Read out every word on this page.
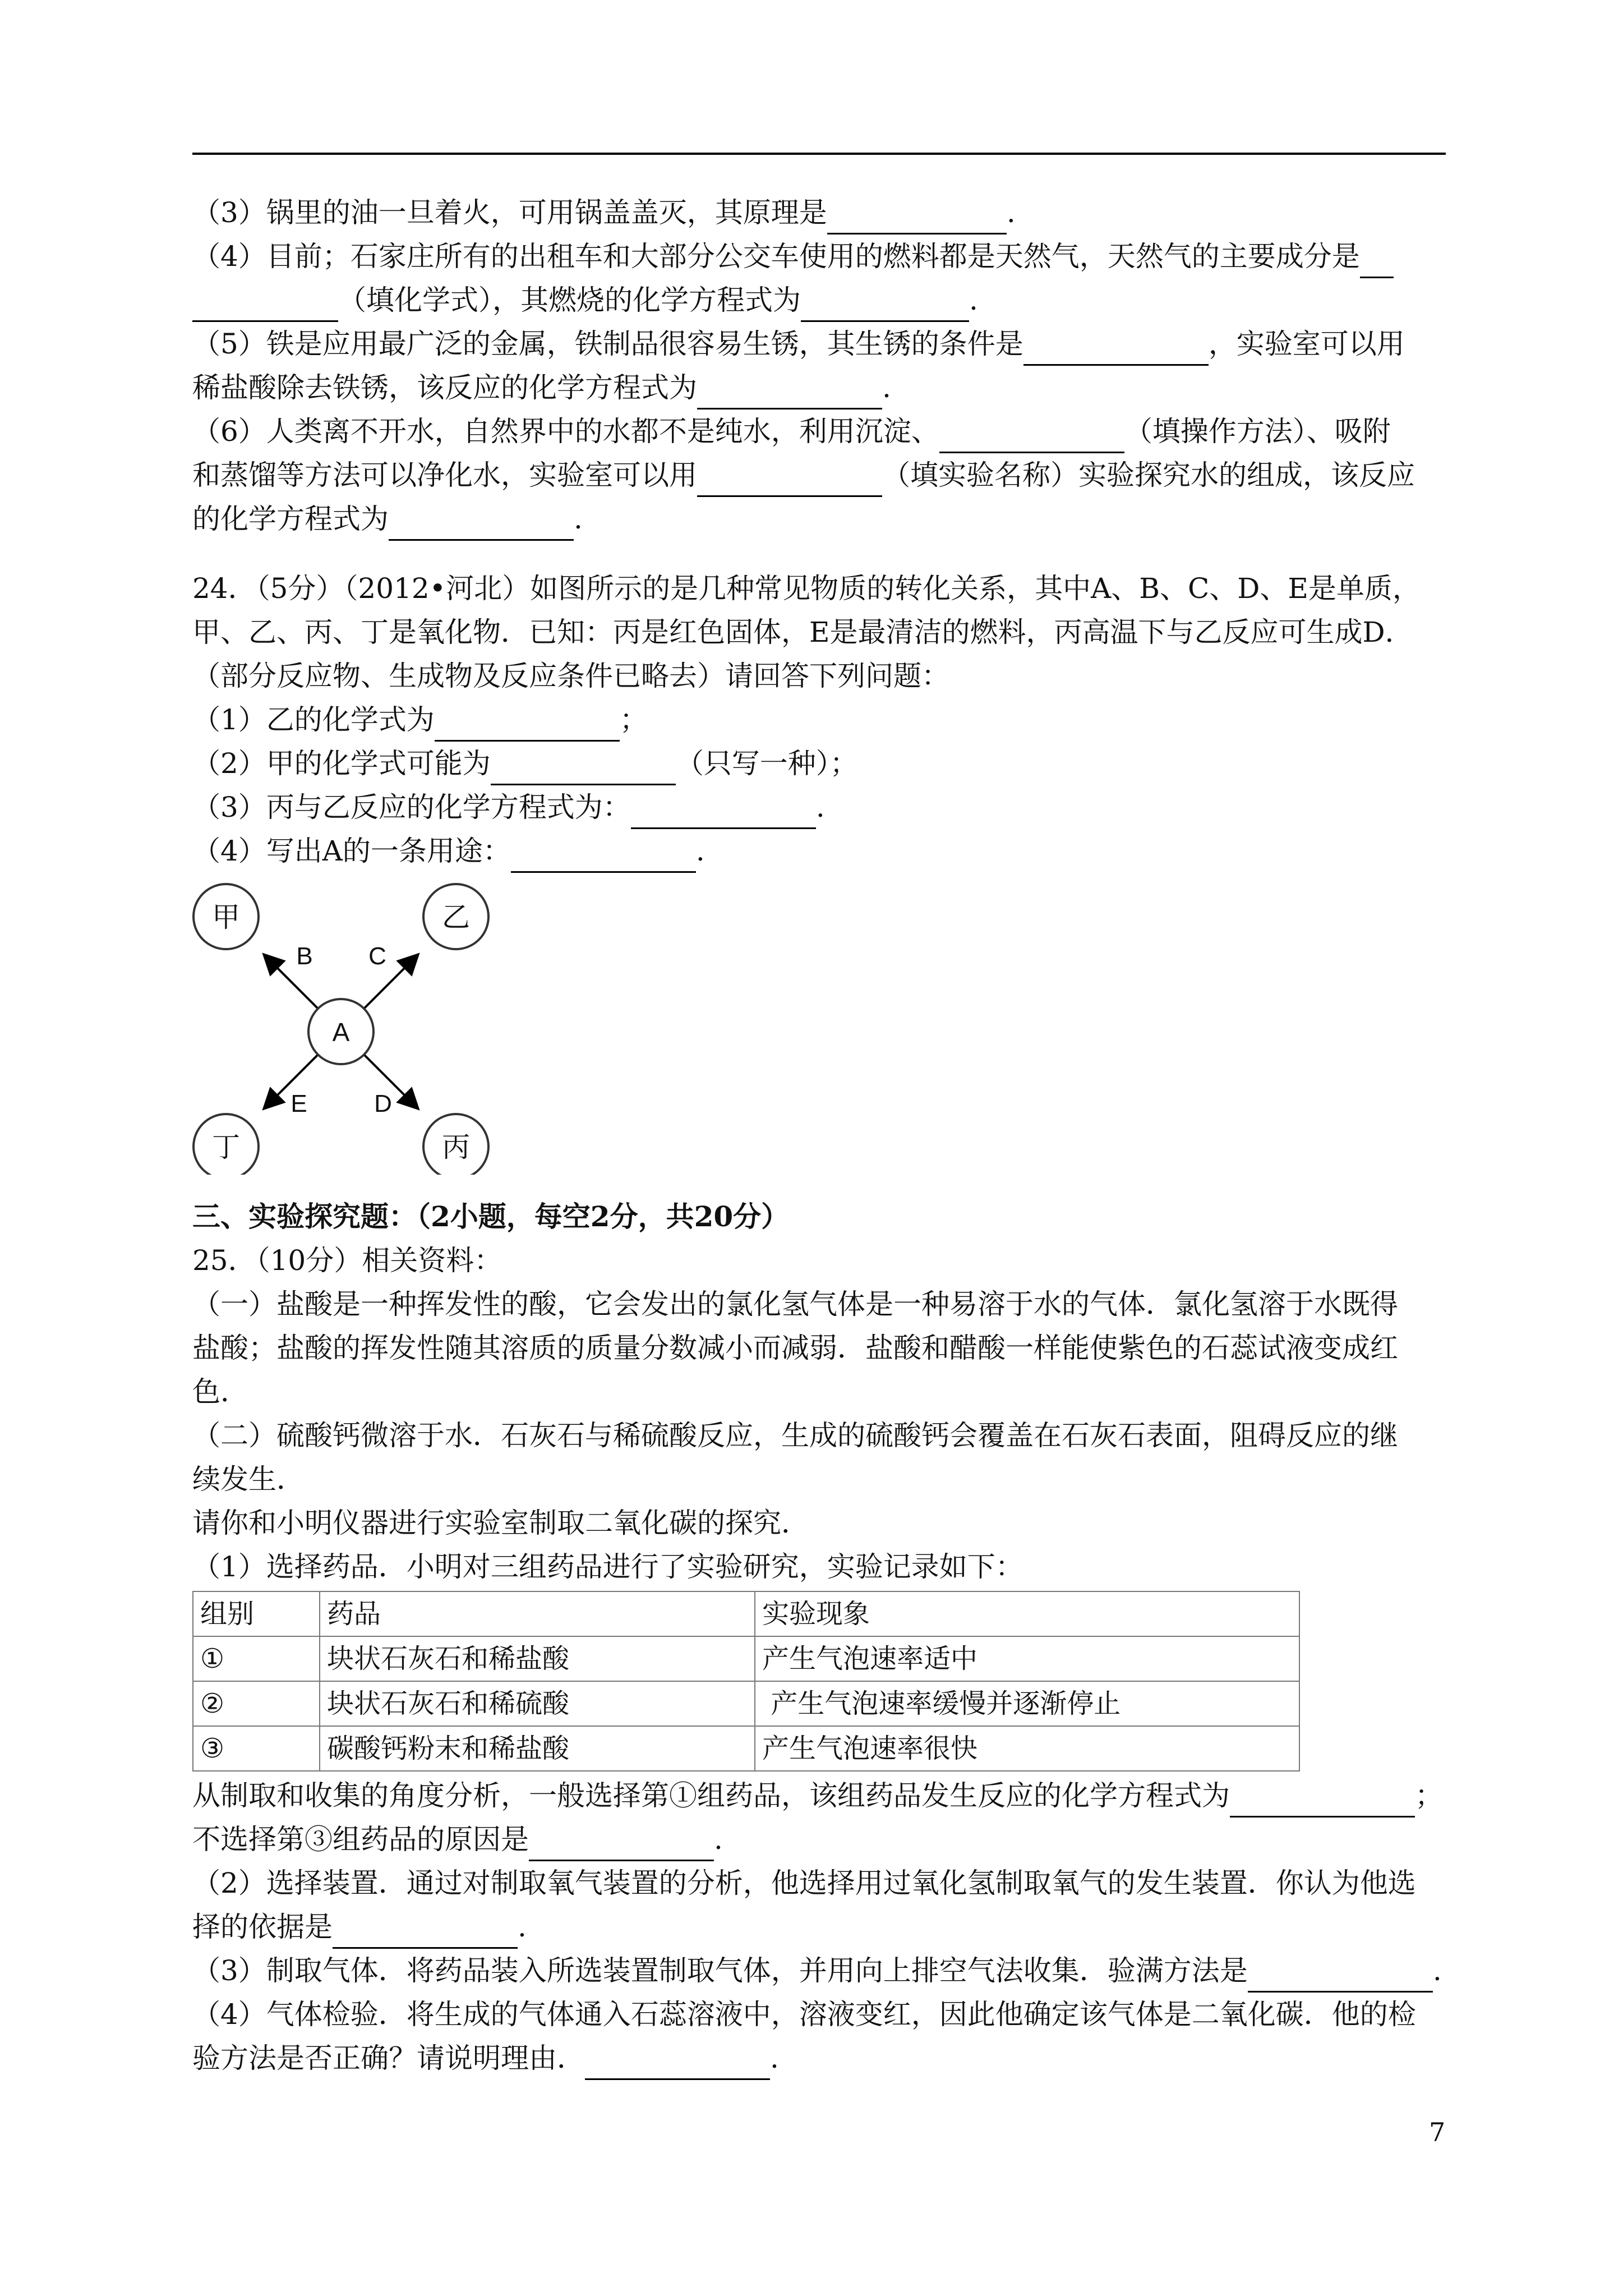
（3）锅里的油一旦着火，可用锅盖盖灭，其原理是	.
（4）目前；石家庄所有的出租车和大部分公交车使用的燃料都是天然气，天然气的主要成分是
（填化学式），其燃烧的化学方程式为	.
（5）铁是应用最广泛的金属，铁制品很容易生锈，其生锈的条件是	，实验室可以用
稀盐酸除去铁锈，该反应的化学方程式为	.
（6）人类离不开水，自然界中的水都不是纯水，利用沉淀、	（填操作方法）、吸附
和蒸馏等方法可以净化水，实验室可以用	（填实验名称）实验探究水的组成，该反应
的化学方程式为	.
24．（5分）（2012•河北）如图所示的是几种常见物质的转化关系，其中A、B、C、D、E是单质，
甲、乙、丙、丁是氧化物．已知：丙是红色固体，E是最清洁的燃料，丙高温下与乙反应可生成D．
（部分反应物、生成物及反应条件已略去）请回答下列问题：
（1）乙的化学式为	；
（2）甲的化学式可能为	（只写一种）；
（3）丙与乙反应的化学方程式为：	.
（4）写出A的一条用途：	.
B C
E	D
甲	乙
A
丁	丙
三、实验探究题：（2小题，每空2分，共20分）
25．（10分）相关资料：
（一）盐酸是一种挥发性的酸，它会发出的氯化氢气体是一种易溶于水的气体．氯化氢溶于水既得
盐酸；盐酸的挥发性随其溶质的质量分数减小而减弱．盐酸和醋酸一样能使紫色的石蕊试液变成红
色．
（二）硫酸钙微溶于水．石灰石与稀硫酸反应，生成的硫酸钙会覆盖在石灰石表面，阻碍反应的继
续发生．
请你和小明仪器进行实验室制取二氧化碳的探究．
（1）选择药品．小明对三组药品进行了实验研究，实验记录如下：
组别	药品	实验现象
①	块状石灰石和稀盐酸	产生气泡速率适中
②	块状石灰石和稀硫酸	产生气泡速率缓慢并逐渐停止
③	碳酸钙粉末和稀盐酸	产生气泡速率很快
从制取和收集的角度分析，一般选择第①组药品，该组药品发生反应的化学方程式为	；
不选择第③组药品的原因是	.
（2）选择装置．通过对制取氧气装置的分析，他选择用过氧化氢制取氧气的发生装置．你认为他选
择的依据是	.
（3）制取气体．将药品装入所选装置制取气体，并用向上排空气法收集．验满方法是	.
（4）气体检验．将生成的气体通入石蕊溶液中，溶液变红，因此他确定该气体是二氧化碳．他的检
验方法是否正确？请说明理由．	.
7
